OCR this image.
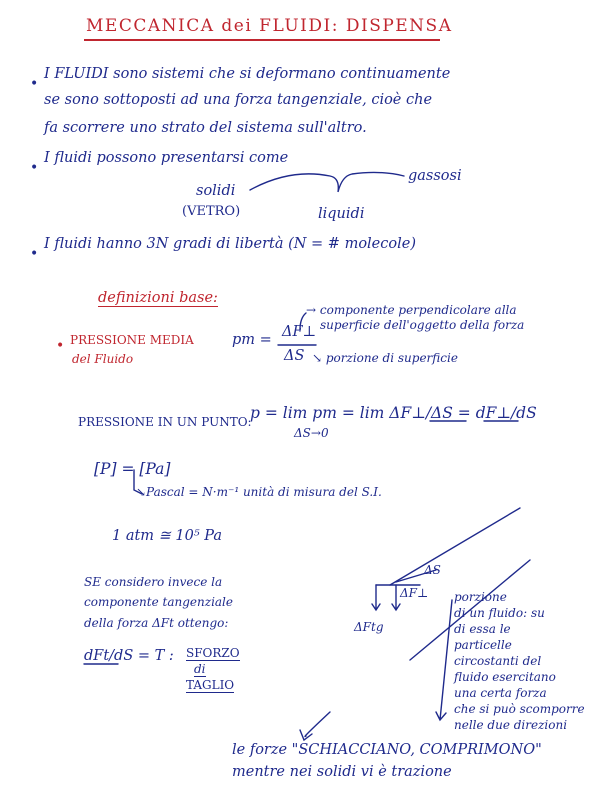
MECCANICA dei FLUIDI: DISPENSA
•
I FLUIDI sono sistemi che si deformano continuamente
se sono sottoposti ad una forza tangenziale, cioè che
fa scorrere uno strato del sistema sull'altro.
•
I fluidi possono presentarsi come
solidi
(VETRO)	liquidi
gassosi
•
I fluidi hanno 3N gradi di libertà (N = # molecole)
definizioni base:
• PRESSIONE MEDIA
del Fluido
pm = ΔF⊥
ΔS
→ componente perpendicolare alla
superficie dell'oggetto della forza
↘ porzione di superficie
PRESSIONE IN UN PUNTO:
p = lim pm = lim ΔF⊥/ΔS = dF⊥/dS
ΔS→0
[P] = [Pa]
↘Pascal = N·m⁻¹ unità di misura del S.I.
1 atm ≅ 10⁵ Pa
SE considero invece la
componente tangenziale
della forza ΔFt ottengo:
dFt/dS = T : SFORZO
di
TAGLIO
ΔS
ΔF⊥
ΔFtg
porzione
di un fluido: su
di essa le
particelle
circostanti del
fluido esercitano
una certa forza
che si può scomporre
nelle due direzioni
le forze "SCHIACCIANO, COMPRIMONO"
mentre nei solidi vi è trazione
